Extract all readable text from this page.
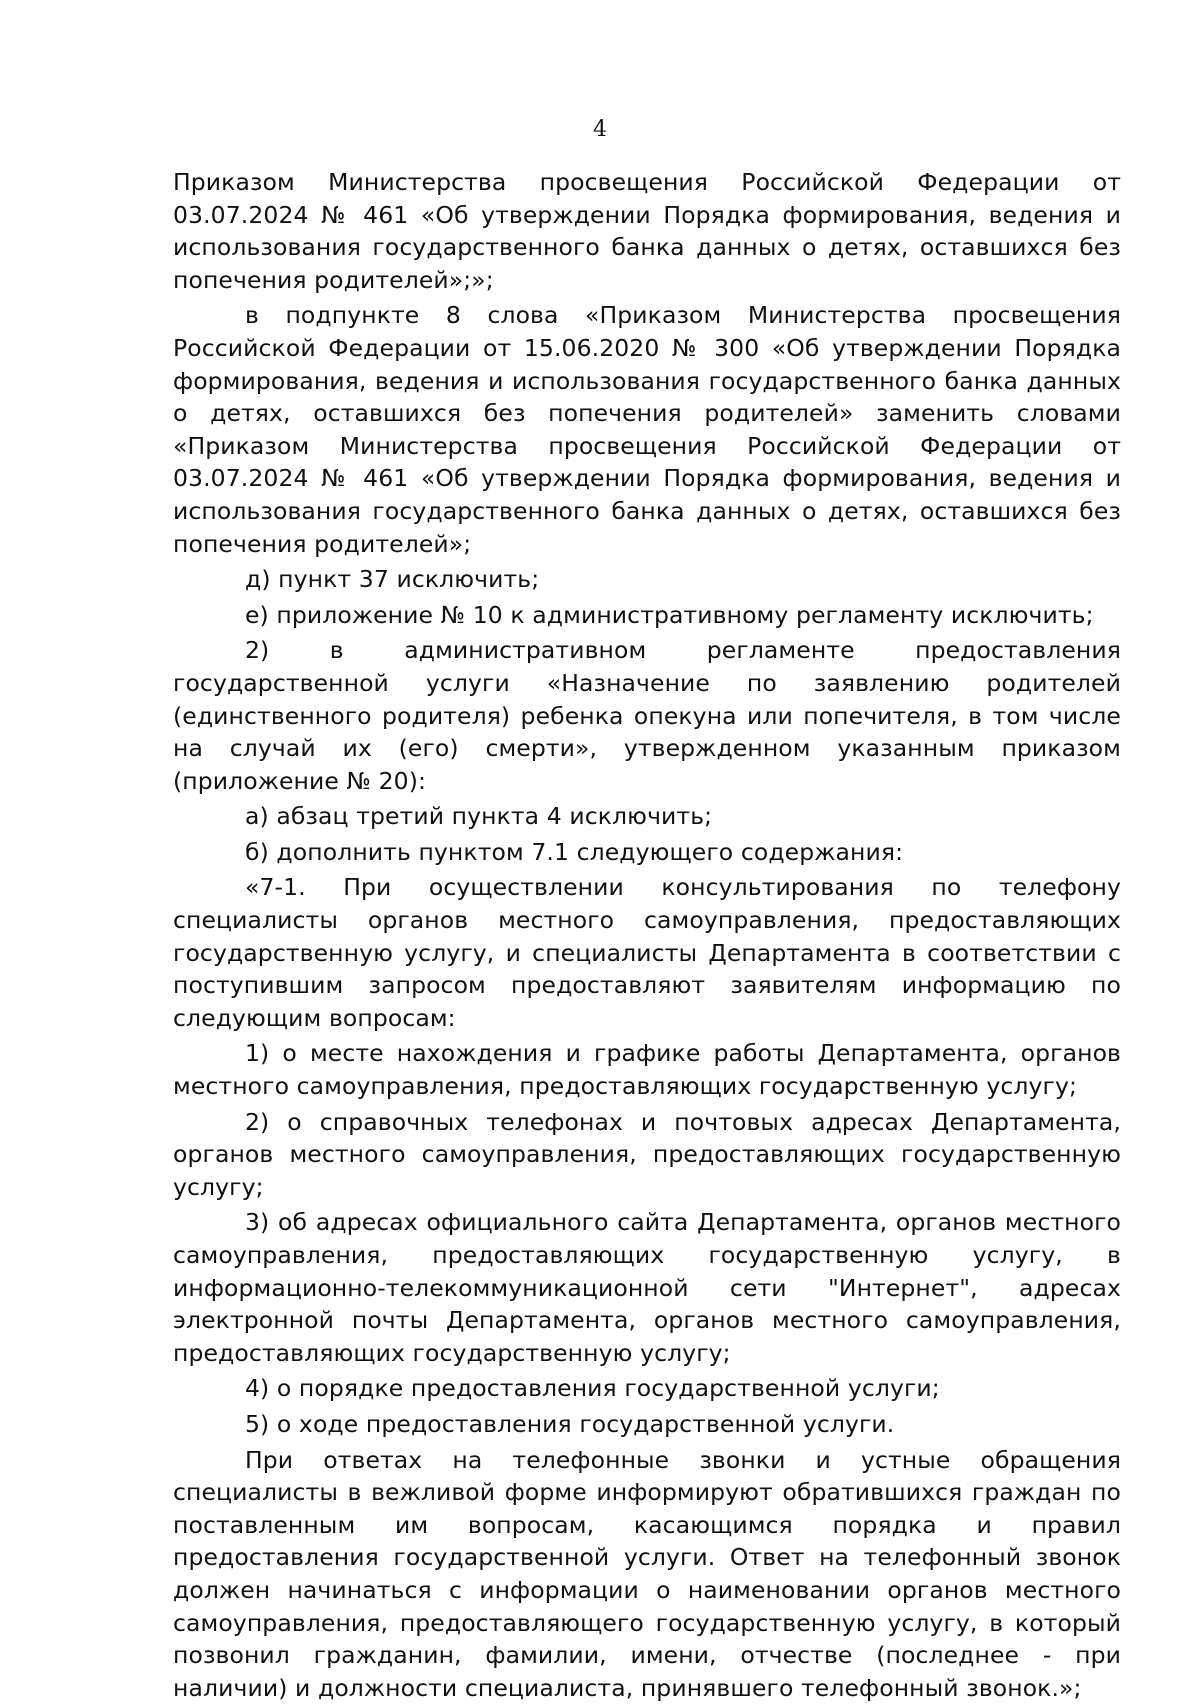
4

Приказом Министерства просвещения Российской Федерации от 03.07.2024 № 461 «Об утверждении Порядка формирования, ведения и использования государственного банка данных о детях, оставшихся без попечения родителей»;»;

в подпункте 8 слова «Приказом Министерства просвещения Российской Федерации от 15.06.2020 № 300 «Об утверждении Порядка формирования, ведения и использования государственного банка данных о детях, оставшихся без попечения родителей» заменить словами «Приказом Министерства просвещения Российской Федерации от 03.07.2024 № 461 «Об утверждении Порядка формирования, ведения и использования государственного банка данных о детях, оставшихся без попечения родителей»;

д) пункт 37 исключить;

е) приложение № 10 к административному регламенту исключить;

2) в административном регламенте предоставления государственной услуги «Назначение по заявлению родителей (единственного родителя) ребенка опекуна или попечителя, в том числе на случай их (его) смерти», утвержденном указанным приказом (приложение № 20):

а) абзац третий пункта 4 исключить;

б) дополнить пунктом 7.1 следующего содержания:

«7-1. При осуществлении консультирования по телефону специалисты органов местного самоуправления, предоставляющих государственную услугу, и специалисты Департамента в соответствии с поступившим запросом предоставляют заявителям информацию по следующим вопросам:

1) о месте нахождения и графике работы Департамента, органов местного самоуправления, предоставляющих государственную услугу;

2) о справочных телефонах и почтовых адресах Департамента, органов местного самоуправления, предоставляющих государственную услугу;

3) об адресах официального сайта Департамента, органов местного самоуправления, предоставляющих государственную услугу, в информационно-телекоммуникационной сети "Интернет", адресах электронной почты Департамента, органов местного самоуправления, предоставляющих государственную услугу;

4) о порядке предоставления государственной услуги;

5) о ходе предоставления государственной услуги.

При ответах на телефонные звонки и устные обращения специалисты в вежливой форме информируют обратившихся граждан по поставленным им вопросам, касающимся порядка и правил предоставления государственной услуги. Ответ на телефонный звонок должен начинаться с информации о наименовании органов местного самоуправления, предоставляющего государственную услугу, в который позвонил гражданин, фамилии, имени, отчестве (последнее - при наличии) и должности специалиста, принявшего телефонный звонок.»;
